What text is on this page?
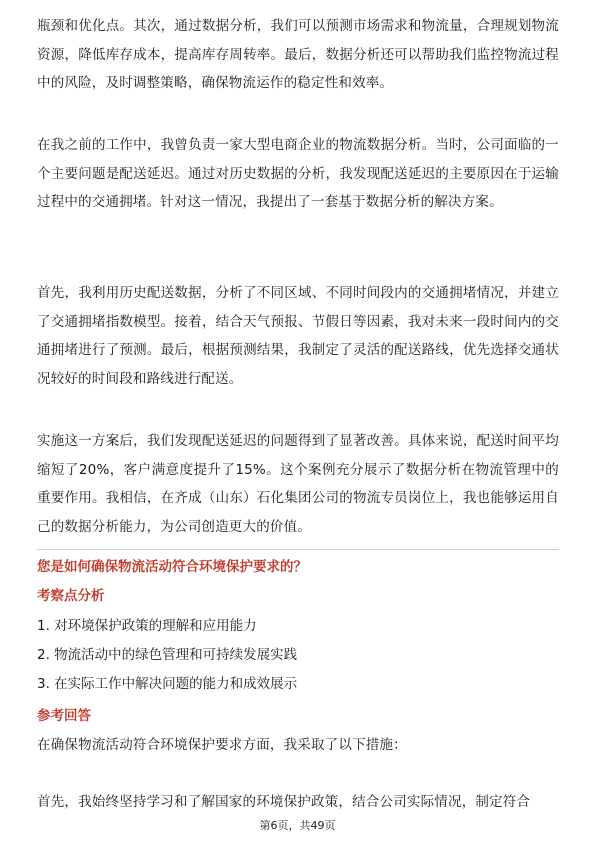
瓶颈和优化点。其次，通过数据分析，我们可以预测市场需求和物流量，合理规划物流资源，降低库存成本，提高库存周转率。最后，数据分析还可以帮助我们监控物流过程中的风险，及时调整策略，确保物流运作的稳定性和效率。

在我之前的工作中，我曾负责一家大型电商企业的物流数据分析。当时，公司面临的一个主要问题是配送延迟。通过对历史数据的分析，我发现配送延迟的主要原因在于运输过程中的交通拥堵。针对这一情况，我提出了一套基于数据分析的解决方案。

首先，我利用历史配送数据，分析了不同区域、不同时间段内的交通拥堵情况，并建立了交通拥堵指数模型。接着，结合天气预报、节假日等因素，我对未来一段时间内的交通拥堵进行了预测。最后，根据预测结果，我制定了灵活的配送路线，优先选择交通状况较好的时间段和路线进行配送。

实施这一方案后，我们发现配送延迟的问题得到了显著改善。具体来说，配送时间平均缩短了20%，客户满意度提升了15%。这个案例充分展示了数据分析在物流管理中的重要作用。我相信，在齐成（山东）石化集团公司的物流专员岗位上，我也能够运用自己的数据分析能力，为公司创造更大的价值。

您是如何确保物流活动符合环境保护要求的？

考察点分析

1. 对环境保护政策的理解和应用能力
2. 物流活动中的绿色管理和可持续发展实践
3. 在实际工作中解决问题的能力和成效展示

参考回答

在确保物流活动符合环境保护要求方面，我采取了以下措施：

首先，我始终坚持学习和了解国家的环境保护政策，结合公司实际情况，制定符合

第6页，共49页
